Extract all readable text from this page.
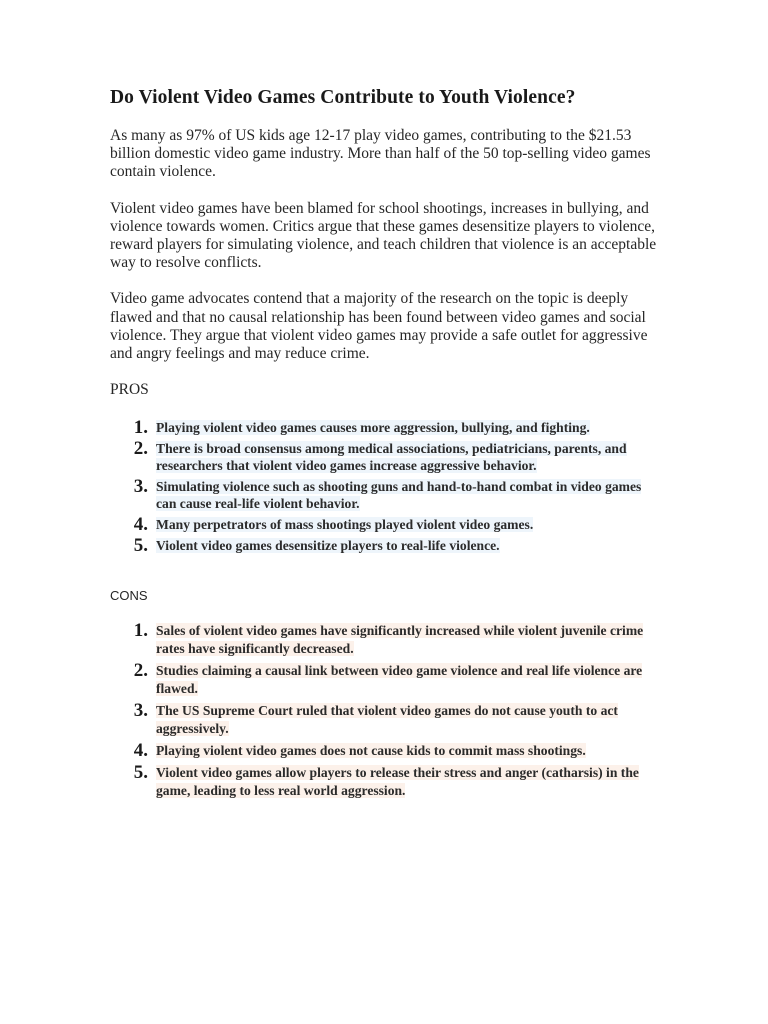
Do Violent Video Games Contribute to Youth Violence?

As many as 97% of US kids age 12-17 play video games, contributing to the $21.53 billion domestic video game industry. More than half of the 50 top-selling video games contain violence.

Violent video games have been blamed for school shootings, increases in bullying, and violence towards women. Critics argue that these games desensitize players to violence, reward players for simulating violence, and teach children that violence is an acceptable way to resolve conflicts.

Video game advocates contend that a majority of the research on the topic is deeply flawed and that no causal relationship has been found between video games and social violence. They argue that violent video games may provide a safe outlet for aggressive and angry feelings and may reduce crime.

PROS
1. Playing violent video games causes more aggression, bullying, and fighting.
2. There is broad consensus among medical associations, pediatricians, parents, and researchers that violent video games increase aggressive behavior.
3. Simulating violence such as shooting guns and hand-to-hand combat in video games can cause real-life violent behavior.
4. Many perpetrators of mass shootings played violent video games.
5. Violent video games desensitize players to real-life violence.
CONS
1. Sales of violent video games have significantly increased while violent juvenile crime rates have significantly decreased.
2. Studies claiming a causal link between video game violence and real life violence are flawed.
3. The US Supreme Court ruled that violent video games do not cause youth to act aggressively.
4. Playing violent video games does not cause kids to commit mass shootings.
5. Violent video games allow players to release their stress and anger (catharsis) in the game, leading to less real world aggression.
